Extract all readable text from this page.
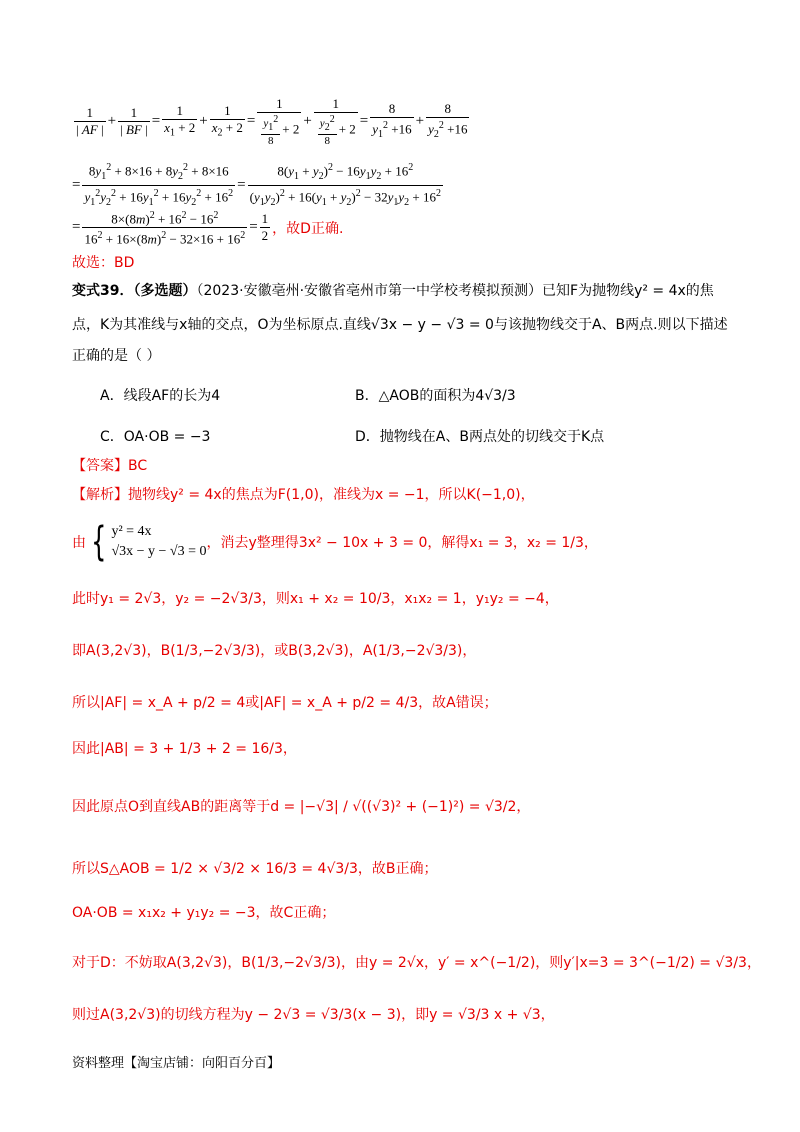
$\frac{1}{| AF |} + \frac{1}{| BF |} = \frac{1}{x_1 + 2} + \frac{1}{x_2 + 2} = \frac{1}{\frac{y_1^2}{8} + 2} + \frac{1}{\frac{y_2^2}{8} + 2} = \frac{8}{y_1^2 +16} + \frac{8}{y_2^2 +16}$
= $\frac{8y_1^2 + 8\times 16 + 8y_2^2 + 8\times 16}{y_1^2y_2^2 + 16y_1^2 + 16y_2^2 + 16^2} = \frac{8(y_1 + y_2)^2 - 16y_1y_2 + 16^2}{(y_1y_2)^2 + 16(y_1 + y_2)^2 - 32y_1y_2 + 16^2}$
= $\frac{8\times(8m)^2 + 16^2 - 16^2}{16^2 + 16\times(8m)^2 - 32\times 16 + 16^2} = \frac{1}{2}$ ，故D正确.
故选：BD
变式39．（多选题）（2023·安徽亳州·安徽省亳州市第一中学校考模拟预测）已知F为抛物线y² = 4x的焦
点，K为其准线与x轴的交点，O为坐标原点.直线√3x − y − √3 = 0与该抛物线交于A、B两点.则以下描述
正确的是（ ）
A．线段AF的长为4	B．△AOB的面积为4√3/3
C．OA·OB = −3	D．抛物线在A、B两点处的切线交于K点
【答案】BC
【解析】抛物线y² = 4x的焦点为F(1,0)，准线为x = −1，所以K(−1,0)，
由 { y² = 4x
√3x − y − √3 = 0
，消去y整理得3x² − 10x + 3 = 0，解得x₁ = 3，x₂ = 1/3，
此时y₁ = 2√3，y₂ = −2√3/3，则x₁ + x₂ = 10/3，x₁x₂ = 1，y₁y₂ = −4，
即A(3,2√3)，B(1/3,−2√3/3)，或B(3,2√3)，A(1/3,−2√3/3)，
所以|AF| = x_A + p/2 = 4或|AF| = x_A + p/2 = 4/3，故A错误；
因此|AB| = 3 + 1/3 + 2 = 16/3，
因此原点O到直线AB的距离等于d = |−√3| / √((√3)² + (−1)²) = √3/2，
所以S△AOB = 1/2 × √3/2 × 16/3 = 4√3/3，故B正确；
OA·OB = x₁x₂ + y₁y₂ = −3，故C正确；
对于D：不妨取A(3,2√3)，B(1/3,−2√3/3)，由y = 2√x，y′ = x^(−1/2)，则y′|x=3 = 3^(−1/2) = √3/3，
则过A(3,2√3)的切线方程为y − 2√3 = √3/3(x − 3)，即y = √3/3 x + √3，
资料整理【淘宝店铺：向阳百分百】
